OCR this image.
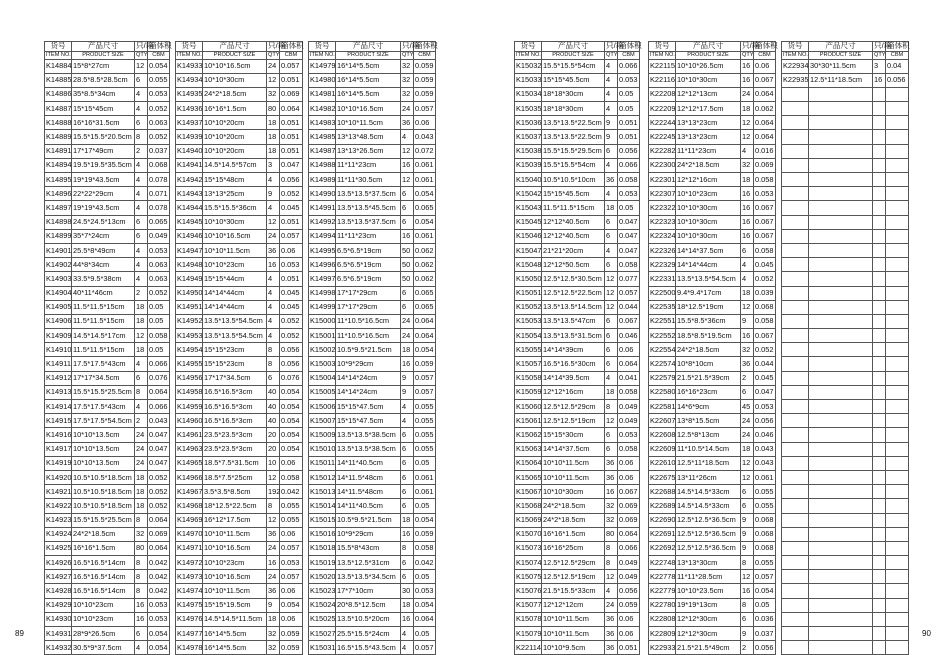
货号	产品尺寸	只/箱	箱体积
ITEM NO.	PRODUCT SIZE	QTY	CBM
K14884	15*8*27cm	12	0.054
K14885	28.5*8.5*28.5cm	6	0.055
K14886	35*8.5*34cm	4	0.053
K14887	15*15*45cm	4	0.052
K14888	16*16*31.5cm	6	0.063
K14889	15.5*15.5*20.5cm	8	0.052
K14891	17*17*49cm	2	0.037
K14894	19.5*19.5*35.5cm	4	0.068
K14895	19*19*43.5cm	4	0.078
K14896	22*22*29cm	4	0.071
K14897	19*19*43.5cm	4	0.078
K14898	24.5*24.5*13cm	6	0.065
K14899	35*7*24cm	6	0.049
K14901	25.5*8*49cm	4	0.053
K14902	44*8*34cm	4	0.063
K14903	33.5*9.5*38cm	4	0.063
K14904	40*11*46cm	2	0.052
K14905	11.5*11.5*15cm	18	0.05
K14906	11.5*11.5*15cm	18	0.05
K14909	14.5*14.5*17cm	12	0.058
K14910	11.5*11.5*15cm	18	0.05
K14911	17.5*17.5*43cm	4	0.066
K14912	17*17*34.5cm	6	0.076
K14913	15.5*15.5*25.5cm	8	0.064
K14914	17.5*17.5*43cm	4	0.066
K14915	17.5*17.5*54.5cm	2	0.043
K14916	10*10*13.5cm	24	0.047
K14917	10*10*13.5cm	24	0.047
K14919	10*10*13.5cm	24	0.047
K14920	10.5*10.5*18.5cm	18	0.052
K14921	10.5*10.5*18.5cm	18	0.052
K14922	10.5*10.5*18.5cm	18	0.052
K14923	15.5*15.5*25.5cm	8	0.064
K14924	24*2*18.5cm	32	0.069
K14925	16*16*1.5cm	80	0.064
K14926	16.5*16.5*14cm	8	0.042
K14927	16.5*16.5*14cm	8	0.042
K14928	16.5*16.5*14cm	8	0.042
K14929	10*10*23cm	16	0.053
K14930	10*10*23cm	16	0.053
K14931	28*9*26.5cm	6	0.054
K14932	30.5*9*37.5cm	4	0.054
货号	产品尺寸	只/箱	箱体积
ITEM NO.	PRODUCT SIZE	QTY	CBM
K14933	10*10*16.5cm	24	0.057
K14934	10*10*30cm	12	0.051
K14935	24*2*18.5cm	32	0.069
K14936	16*16*1.5cm	80	0.064
K14937	10*10*20cm	18	0.051
K14939	10*10*20cm	18	0.051
K14940	10*10*20cm	18	0.051
K14941	14.5*14.5*57cm	3	0.047
K14942	15*15*48cm	4	0.056
K14943	13*13*25cm	9	0.052
K14944	15.5*15.5*36cm	4	0.045
K14945	10*10*30cm	12	0.051
K14946	10*10*16.5cm	24	0.057
K14947	10*10*11.5cm	36	0.06
K14948	10*10*23cm	16	0.053
K14949	15*15*44cm	4	0.051
K14950	14*14*44cm	4	0.045
K14951	14*14*44cm	4	0.045
K14952	13.5*13.5*54.5cm	4	0.052
K14953	13.5*13.5*54.5cm	4	0.052
K14954	15*15*23cm	8	0.056
K14955	15*15*23cm	8	0.056
K14956	17*17*34.5cm	6	0.076
K14958	16.5*16.5*3cm	40	0.054
K14959	16.5*16.5*3cm	40	0.054
K14960	16.5*16.5*3cm	40	0.054
K14961	23.5*23.5*3cm	20	0.054
K14963	23.5*23.5*3cm	20	0.054
K14965	18.5*7.5*31.5cm	10	0.06
K14966	18.5*7.5*25cm	12	0.058
K14967	3.5*3.5*8.5cm	192	0.042
K14968	18*12.5*22.5cm	8	0.055
K14969	16*12*17.5cm	12	0.055
K14970	10*10*11.5cm	36	0.06
K14971	10*10*16.5cm	24	0.057
K14972	10*10*23cm	16	0.053
K14973	10*10*16.5cm	24	0.057
K14974	10*10*11.5cm	36	0.06
K14975	15*15*19.5cm	9	0.054
K14976	14.5*14.5*11.5cm	18	0.06
K14977	16*14*5.5cm	32	0.059
K14978	16*14*5.5cm	32	0.059
货号	产品尺寸	只/箱	箱体积
ITEM NO.	PRODUCT SIZE	QTY	CBM
K14979	16*14*5.5cm	32	0.059
K14980	16*14*5.5cm	32	0.059
K14981	16*14*5.5cm	32	0.059
K14982	10*10*16.5cm	24	0.057
K14983	10*10*11.5cm	36	0.06
K14985	13*13*48.5cm	4	0.043
K14987	13*13*26.5cm	12	0.072
K14988	11*11*23cm	16	0.061
K14989	11*11*30.5cm	12	0.061
K14990	13.5*13.5*37.5cm	6	0.054
K14991	13.5*13.5*45.5cm	6	0.065
K14992	13.5*13.5*37.5cm	6	0.054
K14994	11*11*23cm	16	0.061
K14995	6.5*6.5*19cm	50	0.062
K14996	6.5*6.5*19cm	50	0.062
K14997	6.5*6.5*19cm	50	0.062
K14998	17*17*29cm	6	0.065
K14999	17*17*29cm	6	0.065
K15000	11*10.5*16.5cm	24	0.064
K15001	11*10.5*16.5cm	24	0.064
K15002	10.5*9.5*21.5cm	18	0.054
K15003	10*9*29cm	16	0.059
K15004	14*14*24cm	9	0.057
K15005	14*14*24cm	9	0.057
K15006	15*15*47.5cm	4	0.055
K15007	15*15*47.5cm	4	0.055
K15009	13.5*13.5*38.5cm	6	0.055
K15010	13.5*13.5*38.5cm	6	0.055
K15011	14*11*40.5cm	6	0.05
K15012	14*11.5*48cm	6	0.061
K15013	14*11.5*48cm	6	0.061
K15014	14*11*40.5cm	6	0.05
K15015	10.5*9.5*21.5cm	18	0.054
K15016	10*9*29cm	16	0.059
K15018	15.5*8*43cm	8	0.058
K15019	13.5*12.5*31cm	6	0.042
K15020	13.5*13.5*34.5cm	6	0.05
K15023	17*7*10cm	30	0.053
K15024	20*8.5*12.5cm	18	0.054
K15025	13.5*10.5*20cm	16	0.064
K15027	25.5*15.5*24cm	4	0.05
K15031	16.5*15.5*43.5cm	4	0.057
货号	产品尺寸	只/箱	箱体积
ITEM NO.	PRODUCT SIZE	QTY	CBM
K15032	15.5*15.5*54cm	4	0.066
K15033	15*15*45.5cm	4	0.053
K15034	18*18*30cm	4	0.05
K15035	18*18*30cm	4	0.05
K15036	13.5*13.5*22.5cm	9	0.051
K15037	13.5*13.5*22.5cm	9	0.051
K15038	15.5*15.5*29.5cm	6	0.056
K15039	15.5*15.5*54cm	4	0.066
K15040	10.5*10.5*10cm	36	0.058
K15042	15*15*45.5cm	4	0.053
K15043	11.5*11.5*15cm	18	0.05
K15045	12*12*40.5cm	6	0.047
K15046	12*12*40.5cm	6	0.047
K15047	21*21*20cm	4	0.047
K15048	12*12*50.5cm	6	0.058
K15050	12.5*12.5*30.5cm	12	0.077
K15051	12.5*12.5*22.5cm	12	0.057
K15052	13.5*13.5*14.5cm	12	0.044
K15053	13.5*13.5*47cm	6	0.067
K15054	13.5*13.5*31.5cm	6	0.046
K15055	14*14*39cm	6	0.06
K15057	16.5*16.5*30cm	6	0.064
K15058	14*14*39.5cm	4	0.041
K15059	12*12*16cm	18	0.058
K15060	12.5*12.5*29cm	8	0.049
K15061	12.5*12.5*19cm	12	0.049
K15062	15*15*30cm	6	0.053
K15063	14*14*37.5cm	6	0.058
K15064	10*10*11.5cm	36	0.06
K15065	10*10*11.5cm	36	0.06
K15067	10*10*30cm	16	0.067
K15068	24*2*18.5cm	32	0.069
K15069	24*2*18.5cm	32	0.069
K15070	16*16*1.5cm	80	0.064
K15073	16*16*25cm	8	0.066
K15074	12.5*12.5*29cm	8	0.049
K15075	12.5*12.5*19cm	12	0.049
K15076	21.5*15.5*33cm	4	0.056
K15077	12*12*12cm	24	0.059
K15078	10*10*11.5cm	36	0.06
K15079	10*10*11.5cm	36	0.06
K22114	10*10*9.5cm	36	0.051
货号	产品尺寸	只/箱	箱体积
ITEM NO.	PRODUCT SIZE	QTY	CBM
K22115	10*10*26.5cm	16	0.06
K22116	10*10*30cm	16	0.067
K22208	12*12*13cm	24	0.064
K22209	12*12*17.5cm	18	0.062
K22244	13*13*23cm	12	0.064
K22245	13*13*23cm	12	0.064
K22282	11*11*23cm	4	0.016
K22300	24*2*18.5cm	32	0.069
K22301	12*12*16cm	18	0.058
K22307	10*10*23cm	16	0.053
K22322	10*10*30cm	16	0.067
K22323	10*10*30cm	16	0.067
K22324	10*10*30cm	16	0.067
K22326	14*14*37.5cm	6	0.058
K22329	14*14*44cm	4	0.045
K22331	13.5*13.5*54.5cm	4	0.052
K22500	9.4*9.4*17cm	18	0.039
K22535	18*12.5*19cm	12	0.068
K22551	15.5*8.5*36cm	9	0.058
K22552	18.5*8.5*19.5cm	16	0.067
K22554	24*2*18.5cm	32	0.052
K22574	10*8*10cm	36	0.044
K22579	21.5*21.5*39cm	2	0.045
K22580	16*16*23cm	6	0.047
K22581	14*6*9cm	45	0.053
K22607	13*8*15.5cm	24	0.056
K22608	12.5*8*13cm	24	0.046
K22609	11*10.5*14.5cm	18	0.043
K22610	12.5*11*18.5cm	12	0.043
K22675	13*11*26cm	12	0.061
K22688	14.5*14.5*33cm	6	0.055
K22689	14.5*14.5*33cm	6	0.055
K22690	12.5*12.5*36.5cm	9	0.068
K22691	12.5*12.5*36.5cm	9	0.068
K22692	12.5*12.5*36.5cm	9	0.068
K22748	13*13*30cm	8	0.055
K22778	11*11*28.5cm	12	0.057
K22779	10*10*23.5cm	16	0.054
K22780	19*19*13cm	8	0.05
K22808	12*12*30cm	6	0.036
K22809	12*12*30cm	9	0.037
K22933	21.5*21.5*49cm	2	0.056
货号	产品尺寸	只/箱	箱体积
ITEM NO.	PRODUCT SIZE	QTY	CBM
K22934	30*30*11.5cm	3	0.04
K22935	12.5*11*18.5cm	16	0.056

89	90
